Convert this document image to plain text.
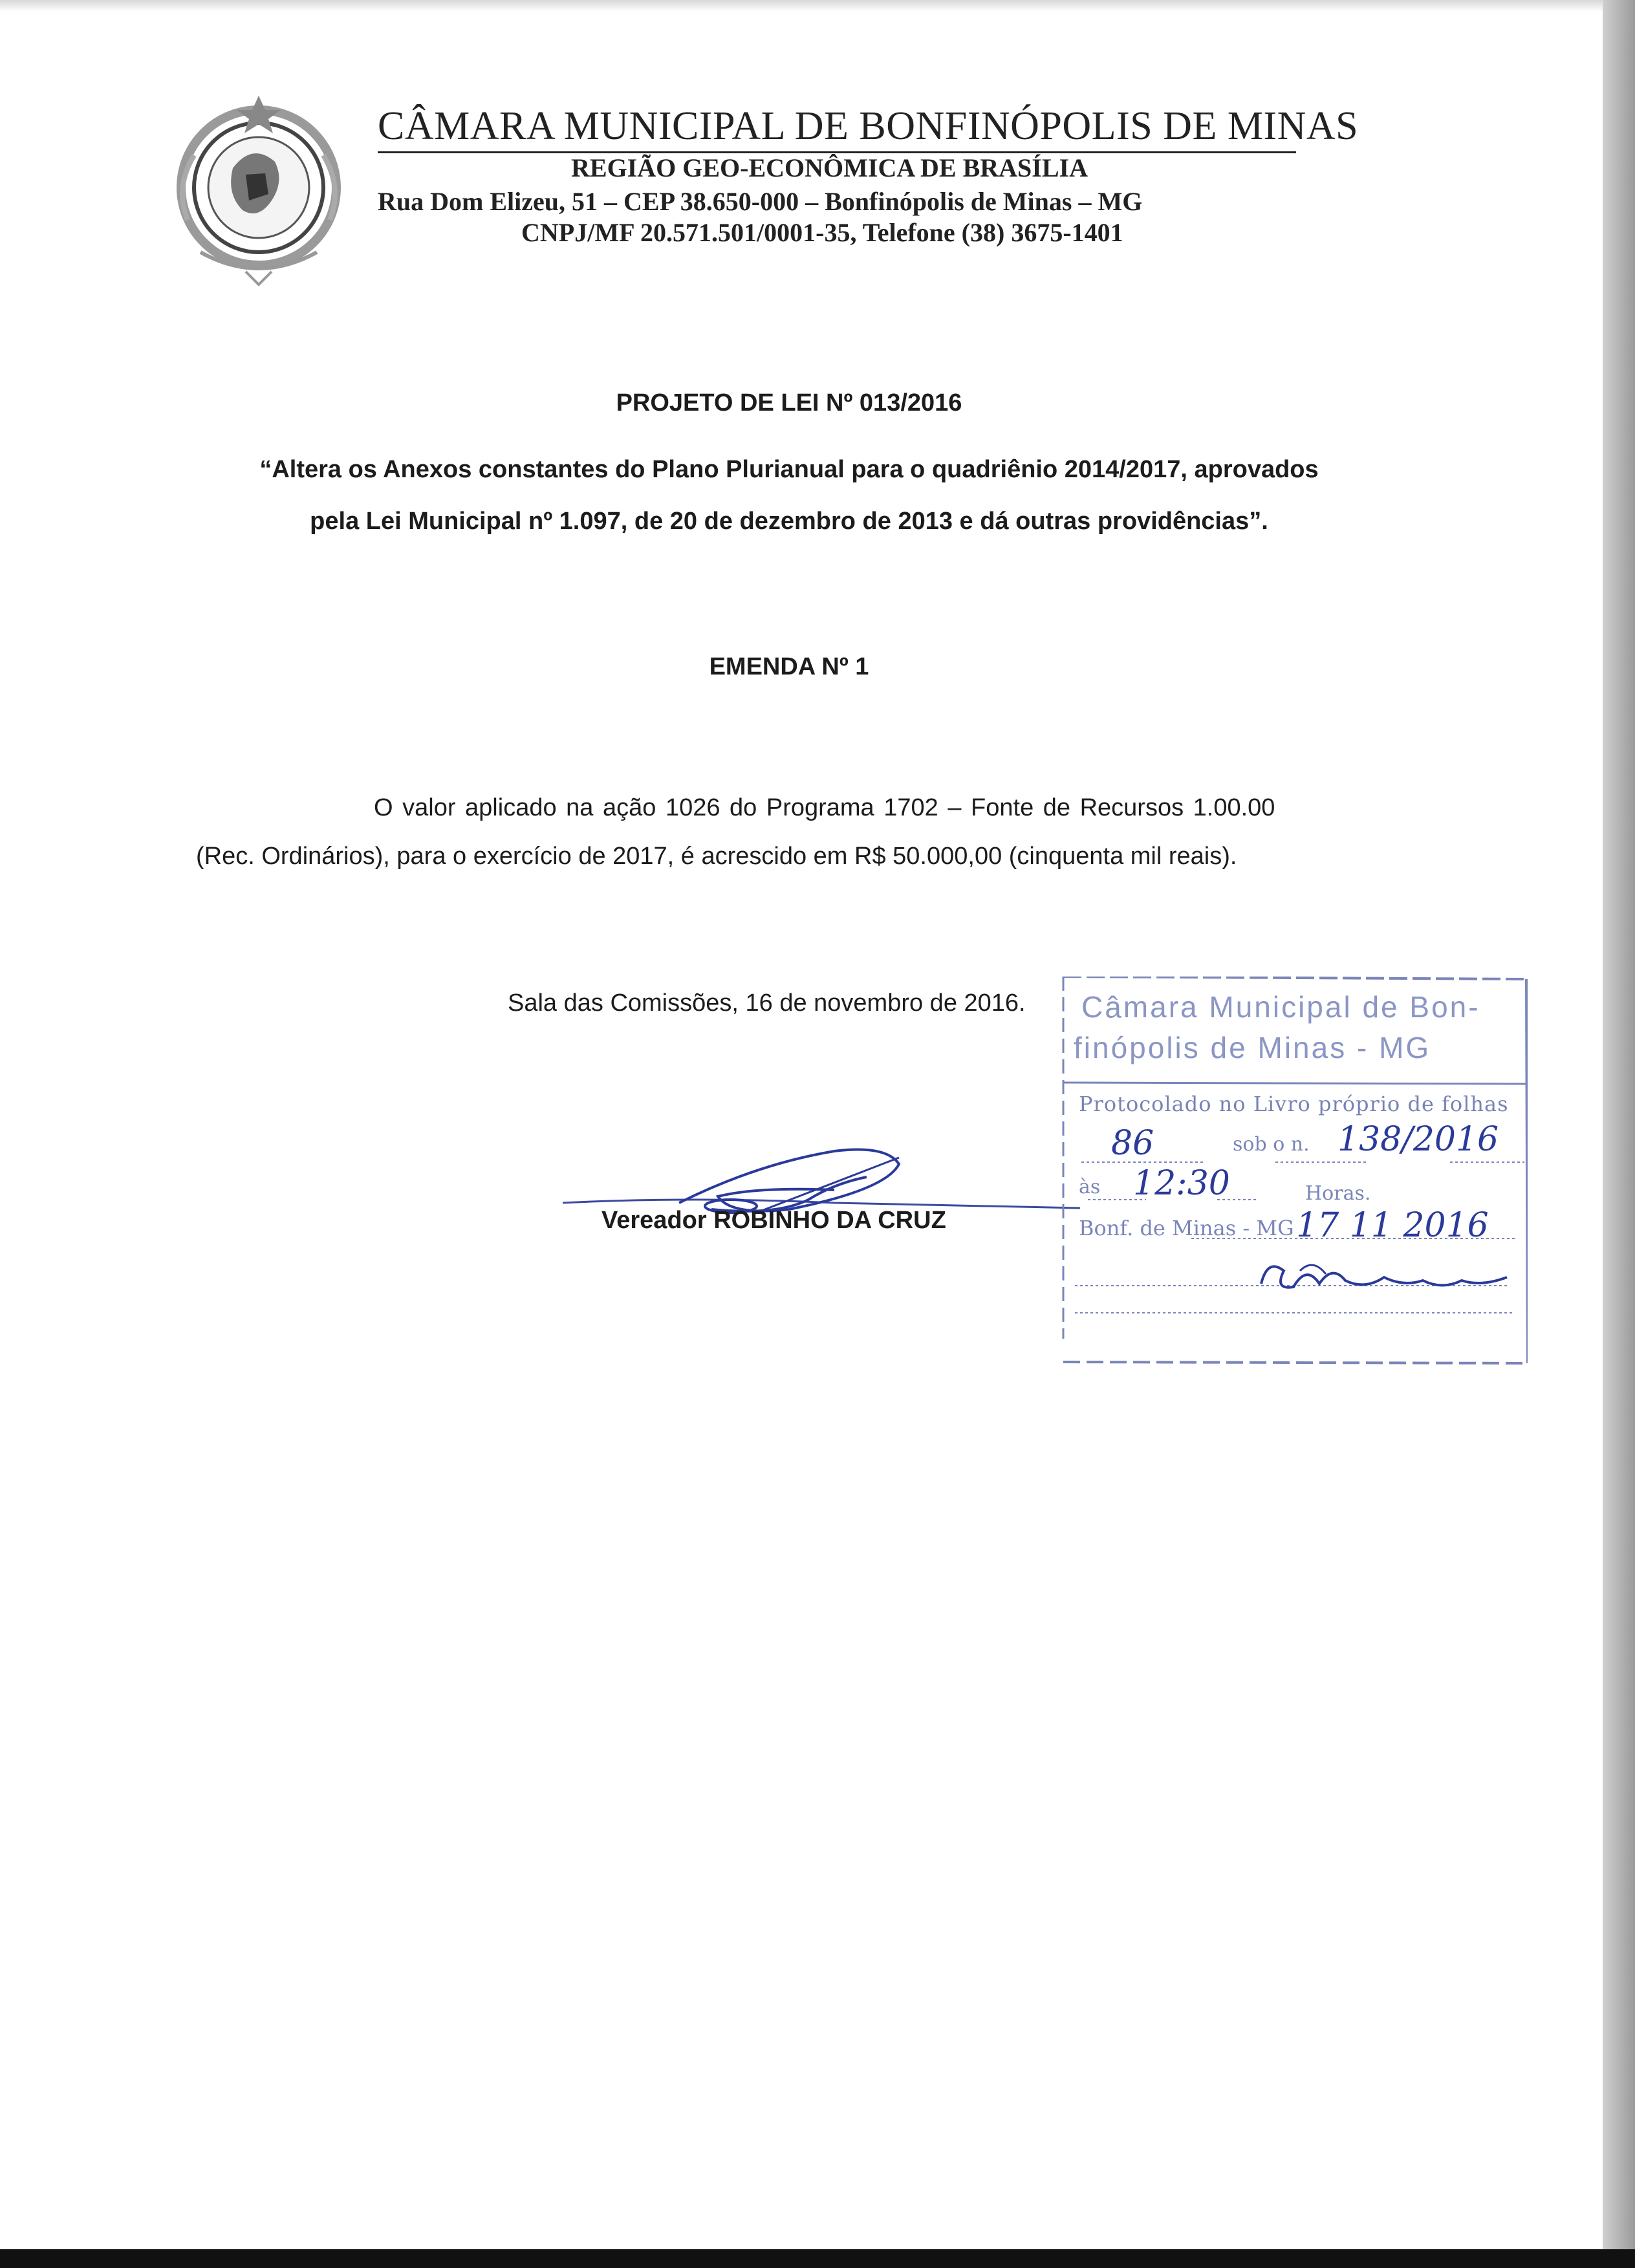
CÂMARA MUNICIPAL DE BONFINÓPOLIS DE MINAS
REGIÃO GEO-ECONÔMICA DE BRASÍLIA
Rua Dom Elizeu, 51 – CEP 38.650-000 – Bonfinópolis de Minas – MG
CNPJ/MF 20.571.501/0001-35, Telefone (38) 3675-1401
PROJETO DE LEI Nº 013/2016
“Altera os Anexos constantes do Plano Plurianual para o quadriênio 2014/2017, aprovados
pela Lei Municipal nº 1.097, de 20 de dezembro de 2013 e dá outras providências”.
EMENDA Nº 1
O valor aplicado na ação 1026 do Programa 1702 – Fonte de Recursos 1.00.00
(Rec. Ordinários), para o exercício de 2017, é acrescido em R$ 50.000,00 (cinquenta mil reais).
Sala das Comissões, 16 de novembro de 2016.
Vereador ROBINHO DA CRUZ
Câmara Municipal de Bon-
finópolis de Minas - MG
Protocolado no Livro próprio de folhas
às	Horas.
Bonf. de Minas - MG
sob o n.
86	138/2016
12:30
17 11 2016
